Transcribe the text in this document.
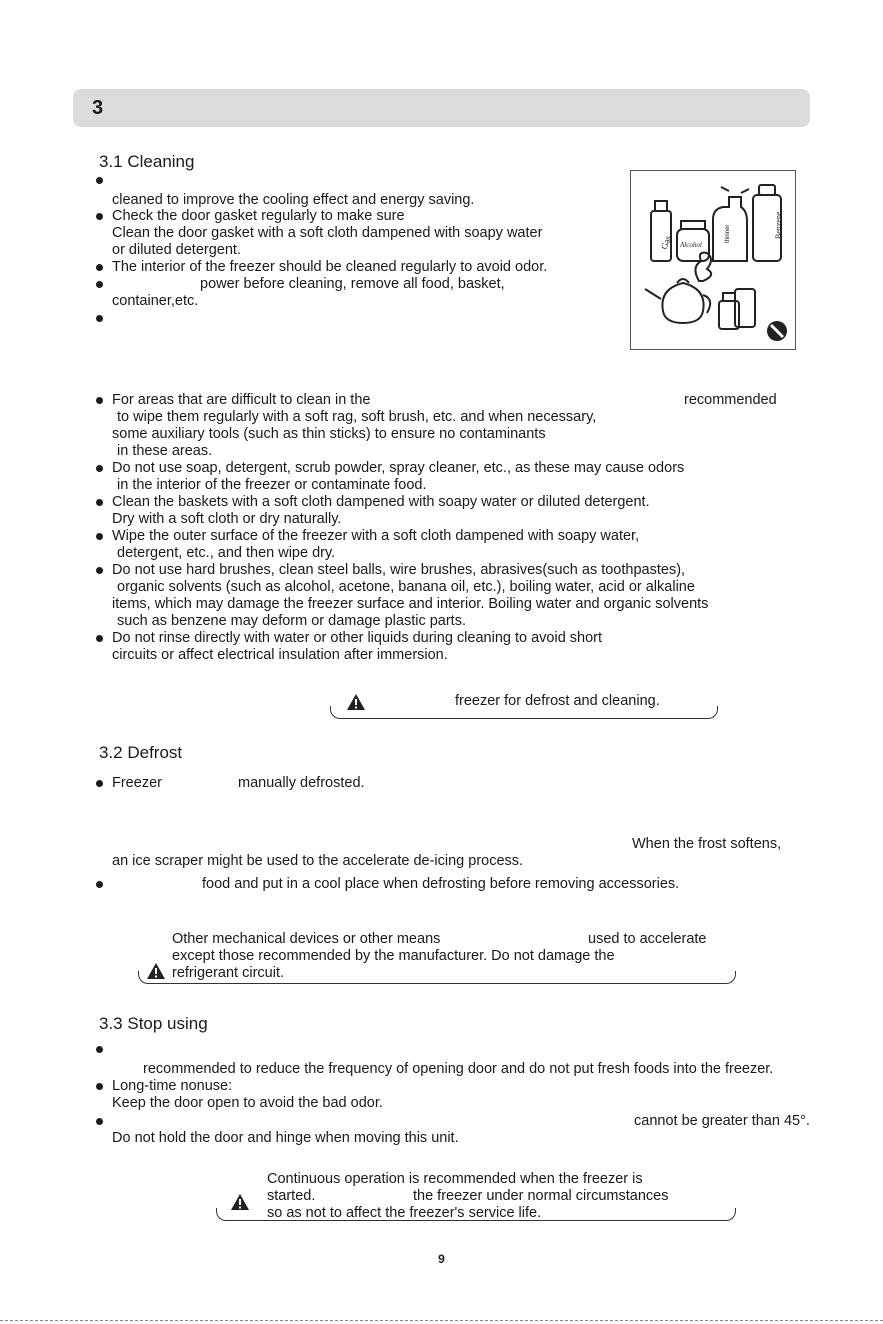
3
3.1 Cleaning
cleaned to improve the cooling effect and energy saving.
Check the door gasket regularly to make sure
Clean the door gasket with a soft cloth dampened with soapy water
or diluted detergent.
The interior of the freezer should be cleaned regularly to avoid odor.
power before cleaning, remove all food, basket,
container,etc.
Gas Alcohol
thinner	Benzene
For areas that are difficult to clean in the	recommended
to wipe them regularly with a soft rag, soft brush, etc. and when necessary,
some auxiliary tools (such as thin sticks) to ensure no contaminants
in these areas.
Do not use soap, detergent, scrub powder, spray cleaner, etc., as these may cause odors
in the interior of the freezer or contaminate food.
Clean the baskets with a soft cloth dampened with soapy water or diluted detergent.
Dry with a soft cloth or dry naturally.
Wipe the outer surface of the freezer with a soft cloth dampened with soapy water,
detergent, etc., and then wipe dry.
Do not use hard brushes, clean steel balls, wire brushes, abrasives(such as toothpastes),
organic solvents (such as alcohol, acetone, banana oil, etc.), boiling water, acid or alkaline
items, which may damage the freezer surface and interior. Boiling water and organic solvents
such as benzene may deform or damage plastic parts.
Do not rinse directly with water or other liquids during cleaning to avoid short
circuits or affect electrical insulation after immersion.
freezer for defrost and cleaning.
3.2 Defrost
Freezer	manually defrosted.
When the frost softens,
an ice scraper might be used to the accelerate de-icing process.
food and put in a cool place when defrosting before removing accessories.
Other mechanical devices or other means	used to accelerate
except those recommended by the manufacturer. Do not damage the
refrigerant circuit.
3.3 Stop using
recommended to reduce the frequency of opening door and do not put fresh foods into the freezer.
Long-time nonuse:
Keep the door open to avoid the bad odor.
cannot be greater than 45°.
Do not hold the door and hinge when moving this unit.
Continuous operation is recommended when the freezer is
started.	the freezer under normal circumstances
so as not to affect the freezer's service life.
9
